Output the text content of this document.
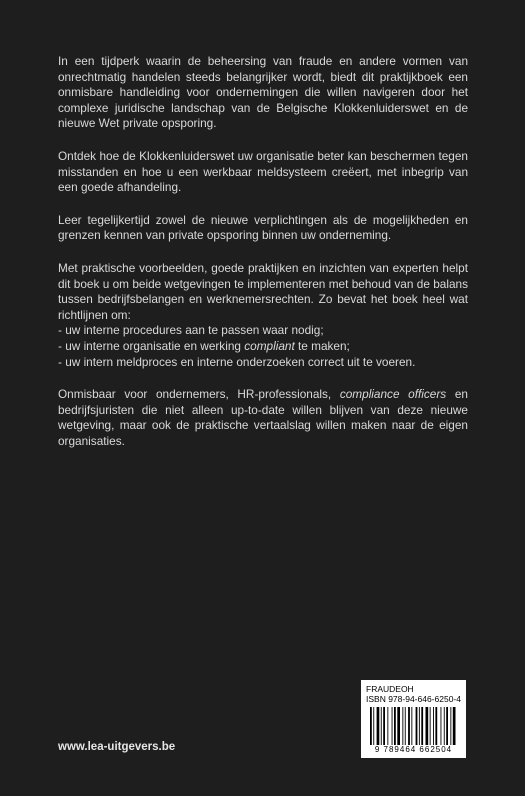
In een tijdperk waarin de beheersing van fraude en andere vormen van onrechtmatig handelen steeds belangrijker wordt, biedt dit praktijkboek een onmisbare handleiding voor ondernemingen die willen navigeren door het complexe juridische landschap van de Belgische Klokkenluiderswet en de nieuwe Wet private opsporing.

Ontdek hoe de Klokkenluiderswet uw organisatie beter kan beschermen tegen misstanden en hoe u een werkbaar meldsysteem creëert, met inbegrip van een goede afhandeling.

Leer tegelijkertijd zowel de nieuwe verplichtingen als de mogelijkheden en grenzen kennen van private opsporing binnen uw onderneming.

Met praktische voorbeelden, goede praktijken en inzichten van experten helpt dit boek u om beide wetgevingen te implementeren met behoud van de balans tussen bedrijfsbelangen en werknemersrechten. Zo bevat het boek heel wat richtlijnen om:
- uw interne procedures aan te passen waar nodig;
- uw interne organisatie en werking compliant te maken;
- uw intern meldproces en interne onderzoeken correct uit te voeren.

Onmisbaar voor ondernemers, HR-professionals, compliance officers en bedrijfsjuristen die niet alleen up-to-date willen blijven van deze nieuwe wetgeving, maar ook de praktische vertaalslag willen maken naar de eigen organisaties.

www.lea-uitgevers.be
FRAUDEOH
ISBN 978-94-646-6250-4
9 789464 662504
